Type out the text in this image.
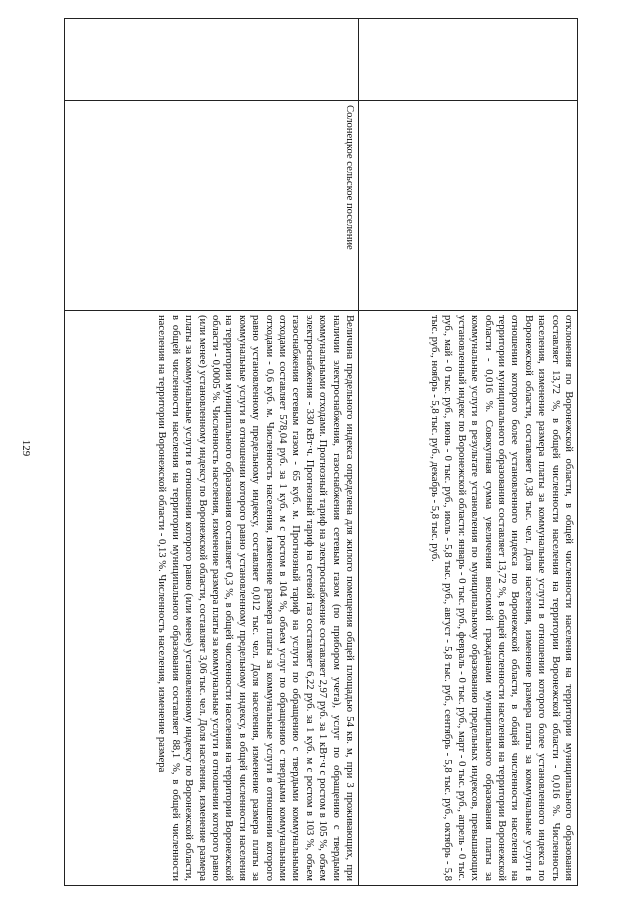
129
			отклонения по Воронежской области, в общей численности населения на территории муниципального образования составляет 13,72 %, в общей численности населения на территории Воронежской области - 0,016 %. Численность населения, изменение размера платы за коммунальные услуги в отношении которого более установленного индекса по Воронежской области, составляет 0,38 тыс. чел. Доля населения, изменение размера платы за коммунальные услуги в отношении которого более установленного индекса по Воронежской области, в общей численности населения на территории муниципального образования составляет 13,72 %, в общей численности населения на территории Воронежской области - 0,016 %. Совокупная сумма увеличения вносимой гражданами муниципального образования платы за коммунальные услуги в результате установления по муниципальному образованию предельных индексов, превышающих установленный индекс по Воронежской области: январь - 0 тыс. руб., февраль - 0 тыс. руб., март - 0 тыс. руб., апрель - 0 тыс. руб., май - 0 тыс. руб., июнь - 0 тыс. руб., июль - 5,8 тыс. руб., август - 5,8 тыс. руб., сентябрь - 5,8 тыс. руб., октябрь - 5,8 тыс. руб., ноябрь - 5,8 тыс. руб., декабрь - 5,8 тыс. руб.
	Солонецкое сельское поселение	Величина предельного индекса определена для жилого помещения общей площадью 54 кв. м, при 3 проживающих, при наличии электроснабжения, газоснабжения сетевым газом (по прибором учета), услуг по обращению с твердыми коммунальными отходами. Прогнозный тариф на электроснабжение составляет 2,97 руб. за 1 кВт·ч с ростом в 105 %, объем электроснабжения - 330 кВт·ч. Прогнозный тариф на сетевой газ составляет 6,22 руб. за 1 куб. м с ростом в 103 %, объем газоснабжения сетевым газом - 65 куб. м. Прогнозный тариф на услуги по обращению с твердыми коммунальными отходами составляет 578,04 руб. за 1 куб. м с ростом в 104 %, объем услуг по обращению с твердыми коммунальными отходами - 0,6 куб. м. Численность населения, изменение размера платы за коммунальные услуги в отношении которого равно установленному предельному индексу, составляет 0,012 тыс. чел. Доля населения, изменение размера платы за коммунальные услуги в отношении которого равно установленному предельному индексу, в общей численности населения на территории муниципального образования составляет 0,3 %, в общей численности населения на территории Воронежской области - 0,0005 %. Численность населения, изменение размера платы за коммунальные услуги в отношении которого равно (или менее) установленному индексу по Воронежской области, составляет 3,06 тыс. чел. Доля населения, изменение размера платы за коммунальные услуги в отношении которого равно (или менее) установленному индексу по Воронежской области, в общей численности населения на территории муниципального образования составляет 88,1 %, в общей численности населения на территории Воронежской области - 0,13 %. Численность населения, изменение размера
